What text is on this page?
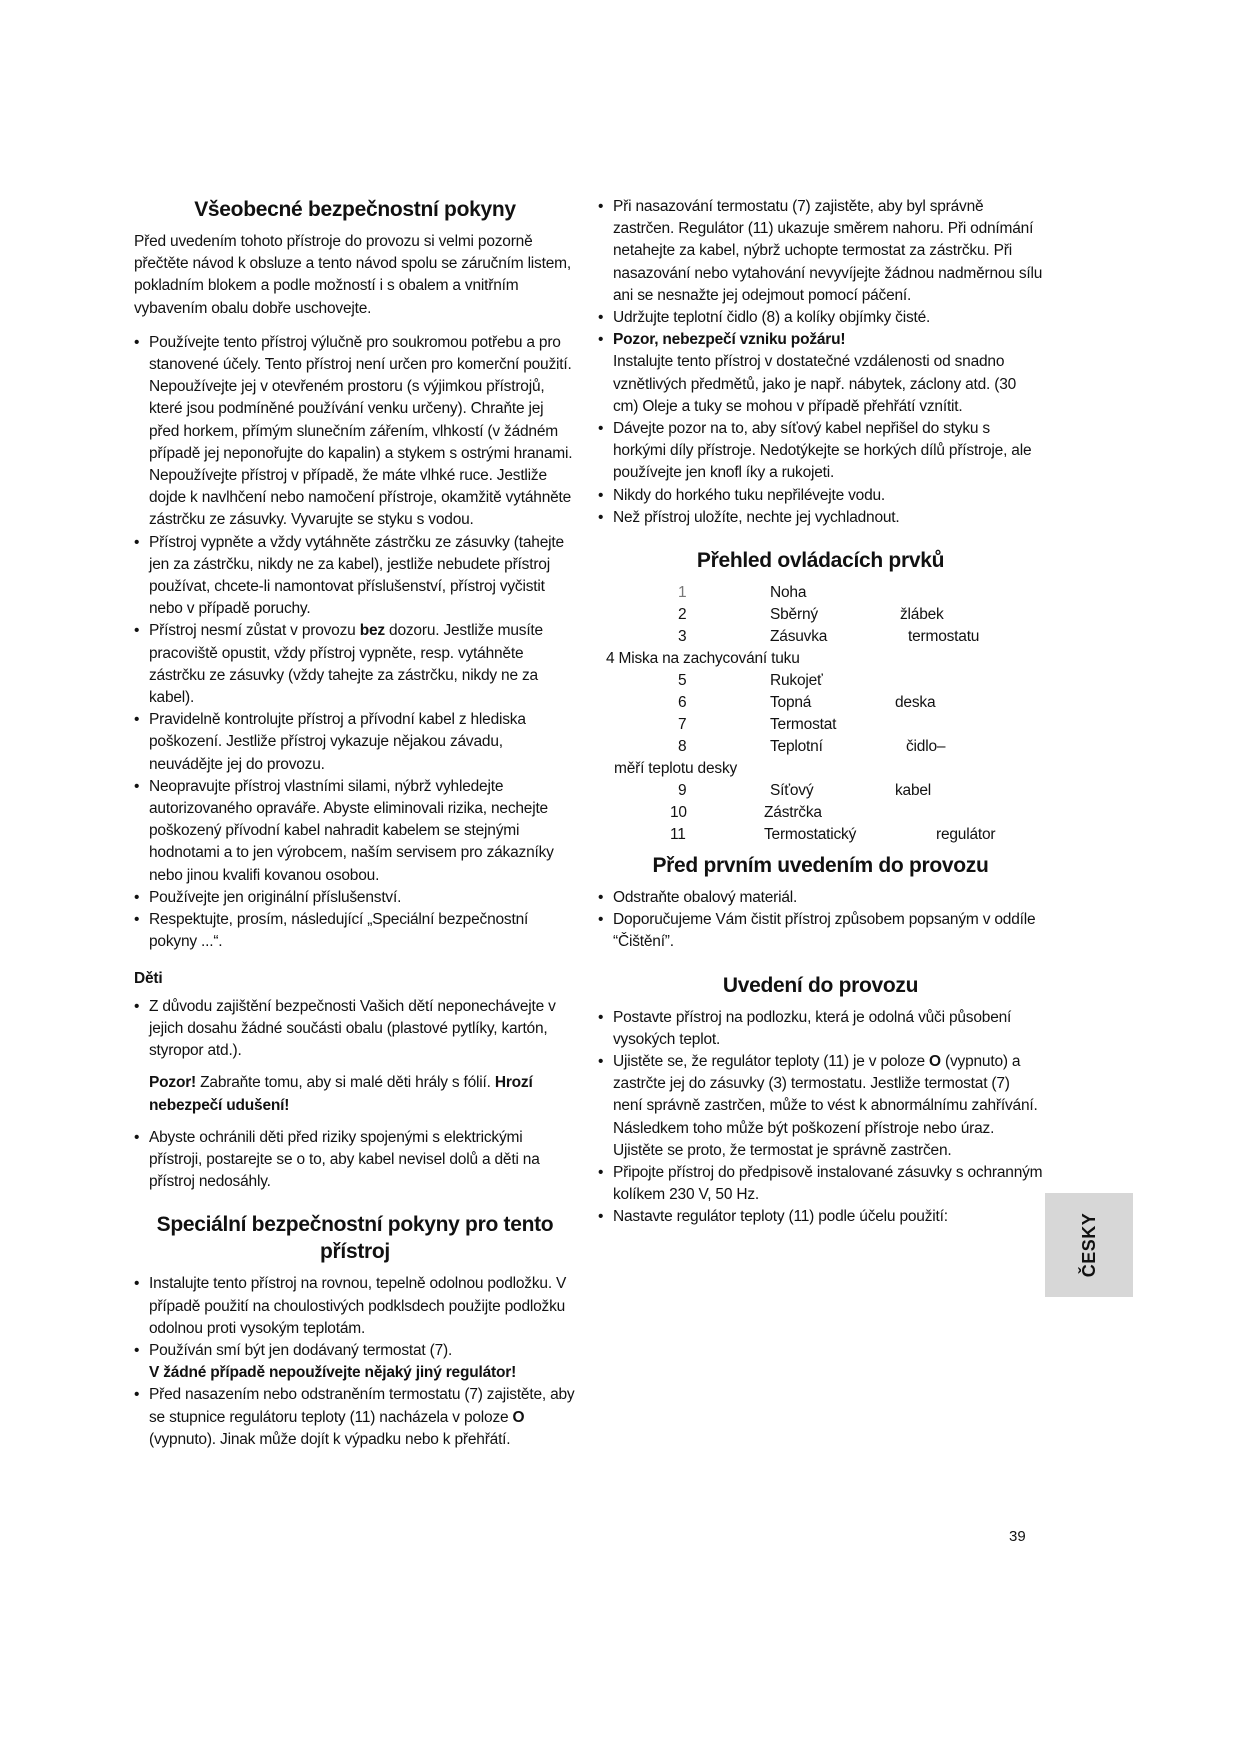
Všeobecné bezpečnostní pokyny

Před uvedením tohoto přístroje do provozu si velmi pozorně přečtěte návod k obsluze a tento návod spolu se záručním listem, pokladním blokem a podle možností i s obalem a vnitřním vybavením obalu dobře uschovejte.

• Používejte tento přístroj výlučně pro soukromou potřebu a pro stanovené účely. Tento přístroj není určen pro komerční použití. Nepoužívejte jej v otevřeném prostoru (s výjimkou přístrojů, které jsou podmíněné používání venku určeny). Chraňte jej před horkem, přímým slunečním zářením, vlhkostí (v žádném případě jej neponořujte do kapalin) a stykem s ostrými hranami. Nepoužívejte přístroj v případě, že máte vlhké ruce. Jestliže dojde k navlhčení nebo namočení přístroje, okamžitě vytáhněte zástrčku ze zásuvky. Vyvarujte se styku s vodou.
• Přístroj vypněte a vždy vytáhněte zástrčku ze zásuvky (tahejte jen za zástrčku, nikdy ne za kabel), jestliže nebudete přístroj používat, chcete-li namontovat příslušenství, přístroj vyčistit nebo v případě poruchy.
• Přístroj nesmí zůstat v provozu bez dozoru. Jestliže musíte pracoviště opustit, vždy přístroj vypněte, resp. vytáhněte zástrčku ze zásuvky (vždy tahejte za zástrčku, nikdy ne za kabel).
• Pravidelně kontrolujte přístroj a přívodní kabel z hlediska poškození. Jestliže přístroj vykazuje nějakou závadu, neuvádějte jej do provozu.
• Neopravujte přístroj vlastními silami, nýbrž vyhledejte autorizovaného opraváře. Abyste eliminovali rizika, nechejte poškozený přívodní kabel nahradit kabelem se stejnými hodnotami a to jen výrobcem, naším servisem pro zákazníky nebo jinou kvalifi kovanou osobou.
• Používejte jen originální příslušenství.
• Respektujte, prosím, následující „Speciální bezpečnostní pokyny ...“.

Děti

• Z důvodu zajištění bezpečnosti Vašich dětí neponechávejte v jejich dosahu žádné součásti obalu (plastové pytlíky, kartón, styropor atd.).

Pozor! Zabraňte tomu, aby si malé děti hrály s fólií. Hrozí nebezpečí udušení!

• Abyste ochránili děti před riziky spojenými s elektrickými přístroji, postarejte se o to, aby kabel nevisel dolů a děti na přístroj nedosáhly.
Speciální bezpečnostní pokyny pro tento přístroj
• Instalujte tento přístroj na rovnou, tepelně odolnou podložku. V případě použití na choulostivých podklsdech použijte podložku odolnou proti vysokým teplotám.
• Používán smí být jen dodávaný termostat (7).
V žádné případě nepoužívejte nějaký jiný regulátor!
• Před nasazením nebo odstraněním termostatu (7) zajistěte, aby se stupnice regulátoru teploty (11) nacházela v poloze O (vypnuto). Jinak může dojít k výpadku nebo k přehřátí.
• Při nasazování termostatu (7) zajistěte, aby byl správně zastrčen. Regulátor (11) ukazuje směrem nahoru. Při odnímání netahejte za kabel, nýbrž uchopte termostat za zástrčku. Při nasazování nebo vytahování nevyvíjejte žádnou nadměrnou sílu ani se nesnažte jej odejmout pomocí páčení.
• Udržujte teplotní čidlo (8) a kolíky objímky čisté.
• Pozor, nebezpečí vzniku požáru!
Instalujte tento přístroj v dostatečné vzdálenosti od snadno vznětlivých předmětů, jako je např. nábytek, záclony atd. (30 cm) Oleje a tuky se mohou v případě přehřátí vznítit.
• Dávejte pozor na to, aby síťový kabel nepřišel do styku s horkými díly přístroje. Nedotýkejte se horkých dílů přístroje, ale používejte jen knofl íky a rukojeti.
• Nikdy do horkého tuku nepřilévejte vodu.
• Než přístroj uložíte, nechte jej vychladnout.
Přehled ovládacích prvků
1	Noha
2	Sběrný	žlábek
3	Zásuvka	termostatu
4 Miska na zachycování tuku
5	Rukojeť
6	Topná	deska
7	Termostat
8	Teplotní	čidlo–
měří teplotu desky
9	Síťový	kabel
10	Zástrčka
11	Termostatický	regulátor
Před prvním uvedením do provozu
• Odstraňte obalový materiál.
• Doporučujeme Vám čistit přístroj způsobem popsaným v oddíle “Čištění”.
Uvedení do provozu
• Postavte přístroj na podlozku, která je odolná vůči působení vysokých teplot.
• Ujistěte se, že regulátor teploty (11) je v poloze O (vypnuto) a zastrčte jej do zásuvky (3) termostatu. Jestliže termostat (7) není správně zastrčen, může to vést k abnormálnímu zahřívání. Následkem toho může být poškození přístroje nebo úraz. Ujistěte se proto, že termostat je správně zastrčen.
• Připojte přístroj do předpisově instalované zásuvky s ochranným kolíkem 230 V, 50 Hz.
• Nastavte regulátor teploty (11) podle účelu použití:	ČESKY
39
